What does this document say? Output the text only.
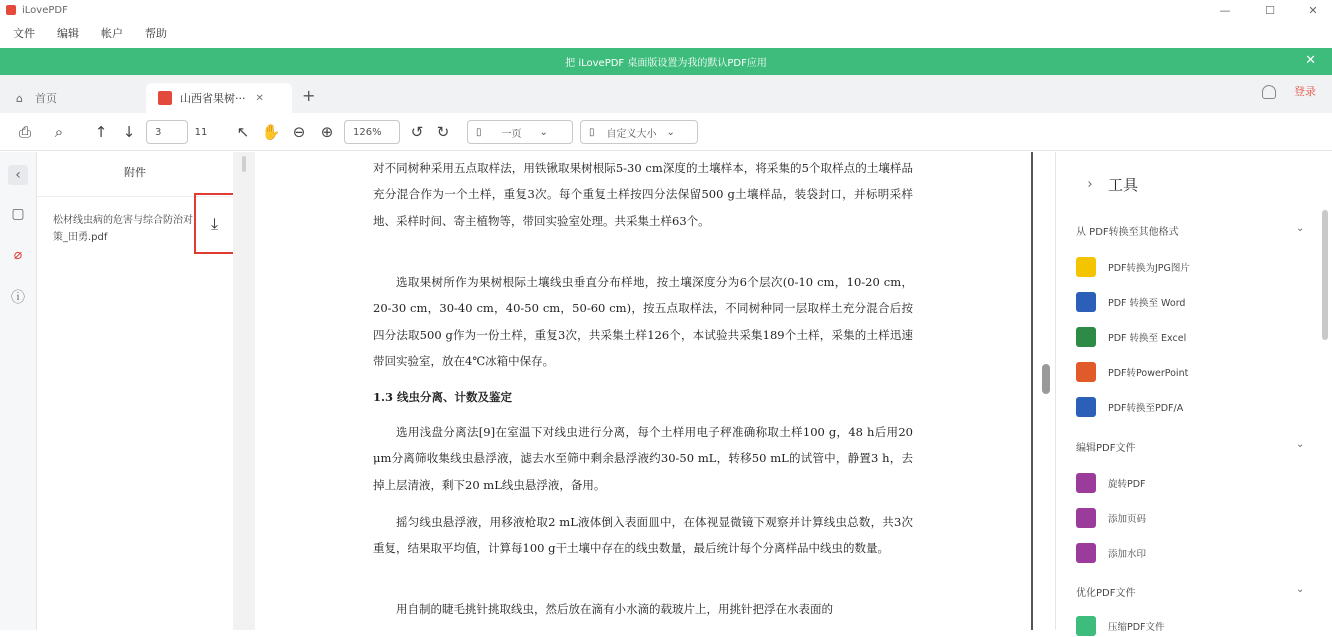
iLovePDF	—	☐	✕
文件 编辑 帐户 帮助
把 iLovePDF 桌面版设置为我的默认PDF应用	✕
⌂ 首页	山西省果树··· ✕ +	登录
⎙	⌕	↑	↓	3	11	↖ ✋ ⊖	⊕	126%	↺ ↻	▯ 一页 ⌄	▯ 自定义大小 ⌄
‹
▢
⌀
ⓘ
附件
松材线虫病的危害与综合防治对策_田勇.pdf
⤓
对不同树种采用五点取样法，用铁锹取果树根际5-30 cm深度的土壤样本，将采集的5个取样点的土壤样品充分混合作为一个土样，重复3次。每个重复土样按四分法保留500 g土壤样品，装袋封口，并标明采样地、采样时间、寄主植物等，带回实验室处理。共采集土样63个。
选取果树所作为果树根际土壤线虫垂直分布样地，按土壤深度分为6个层次(0-10 cm，10-20 cm，20-30 cm，30-40 cm，40-50 cm，50-60 cm)，按五点取样法，不同树种同一层取样土充分混合后按四分法取500 g作为一份土样，重复3次，共采集土样126个，本试验共采集189个土样，采集的土样迅速带回实验室，放在4℃冰箱中保存。
1.3 线虫分离、计数及鉴定
选用浅盘分离法[9]在室温下对线虫进行分离，每个土样用电子秤准确称取土样100 g，48 h后用20 μm分离筛收集线虫悬浮液，滤去水至筛中剩余悬浮液约30-50 mL，转移50 mL的试管中，静置3 h，去掉上层清液，剩下20 mL线虫悬浮液，备用。
摇匀线虫悬浮液，用移液枪取2 mL液体倒入表面皿中，在体视显微镜下观察并计算线虫总数，共3次重复，结果取平均值，计算每100 g干土壤中存在的线虫数量，最后统计每个分离样品中线虫的数量。
用自制的睫毛挑针挑取线虫，然后放在滴有小水滴的载玻片上，用挑针把浮在水表面的
›	工具
从 PDF转换至其他格式	⌄
PDF转换为JPG图片
PDF 转换至 Word
PDF 转换至 Excel
PDF转PowerPoint
PDF转换至PDF/A
编辑PDF文件	⌄
旋转PDF
添加页码
添加水印
优化PDF文件	⌄
压缩PDF文件
